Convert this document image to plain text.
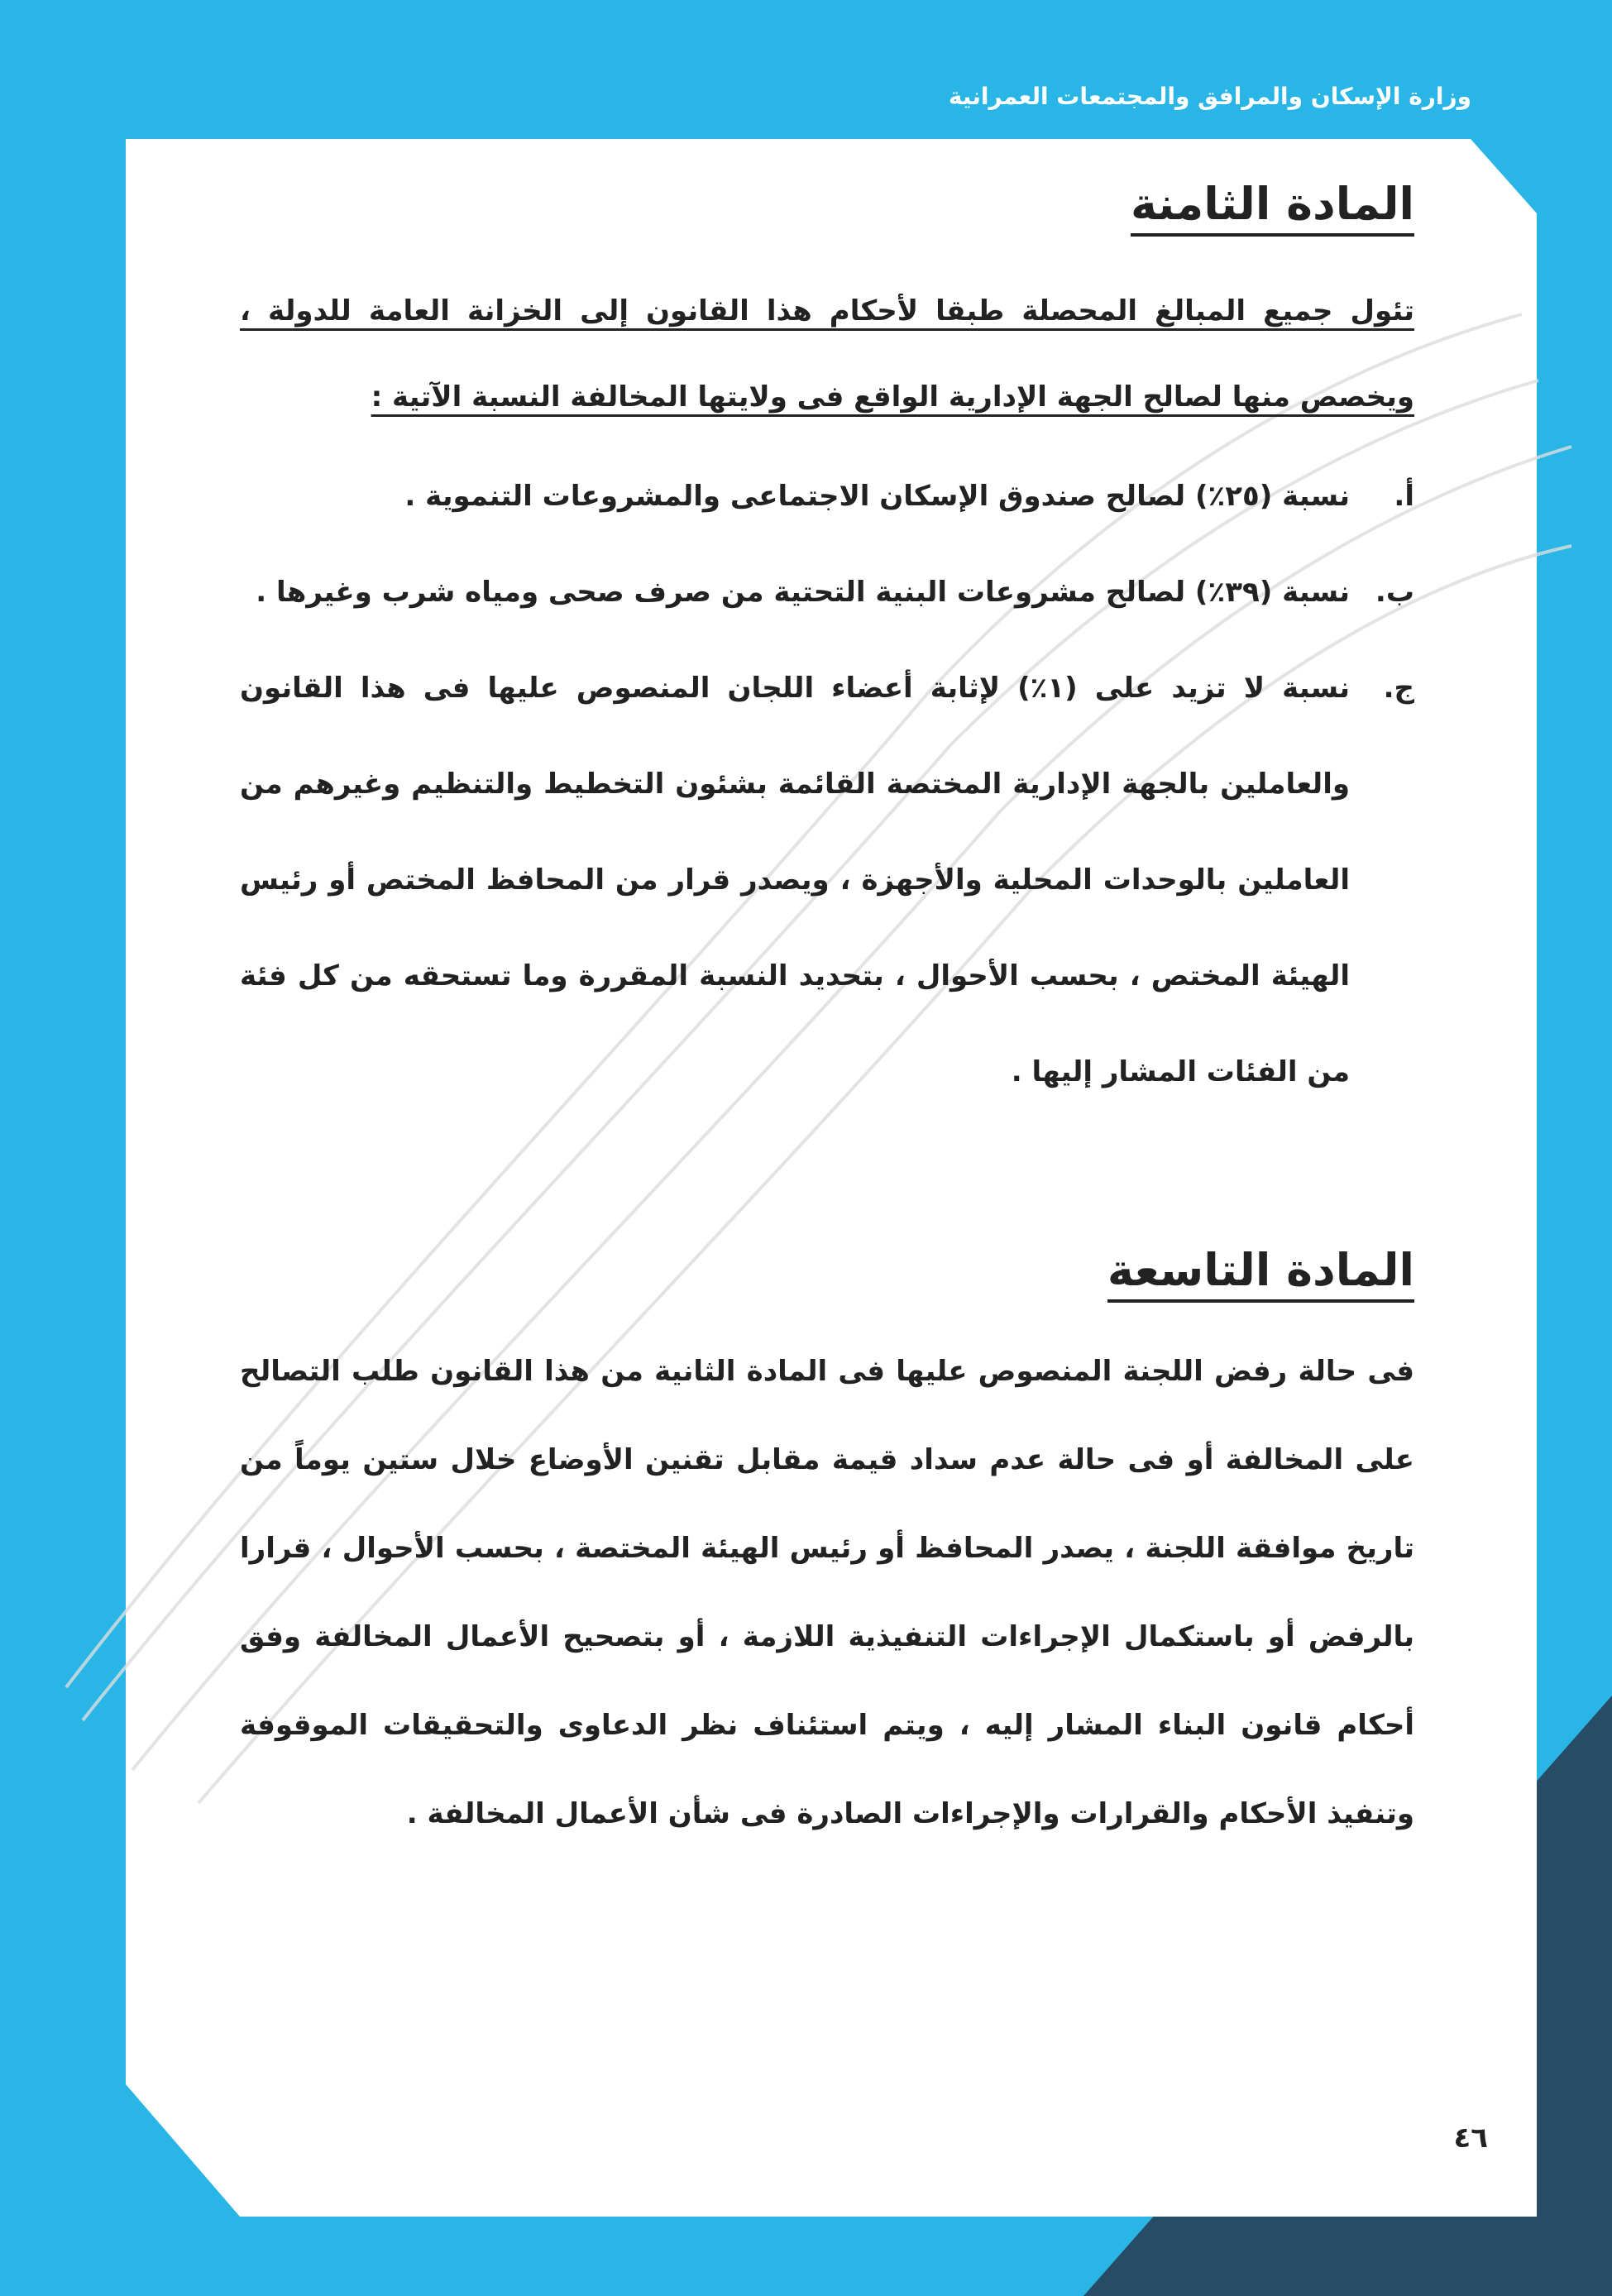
وزارة الإسكان والمرافق والمجتمعات العمرانية
المادة الثامنة

تئول جميع المبالغ المحصلة طبقا لأحكام هذا القانون إلى الخزانة العامة للدولة ، ويخصص منها لصالح الجهة الإدارية الواقع فى ولايتها المخالفة النسبة الآتية :

أ.
نسبة (٢٥٪) لصالح صندوق الإسكان الاجتماعى والمشروعات التنموية .
ب.
نسبة (٣٩٪) لصالح مشروعات البنية التحتية من صرف صحى ومياه شرب وغيرها .
ج.
نسبة لا تزيد على (١٪) لإثابة أعضاء اللجان المنصوص عليها فى هذا القانون والعاملين بالجهة الإدارية المختصة القائمة بشئون التخطيط والتنظيم وغيرهم من العاملين بالوحدات المحلية والأجهزة ، ويصدر قرار من المحافظ المختص أو رئيس الهيئة المختص ، بحسب الأحوال ، بتحديد النسبة المقررة وما تستحقه من كل فئة من الفئات المشار إليها .
المادة التاسعة

فى حالة رفض اللجنة المنصوص عليها فى المادة الثانية من هذا القانون طلب التصالح على المخالفة أو فى حالة عدم سداد قيمة مقابل تقنين الأوضاع خلال ستين يوماً من تاريخ موافقة اللجنة ، يصدر المحافظ أو رئيس الهيئة المختصة ، بحسب الأحوال ، قرارا بالرفض أو باستكمال الإجراءات التنفيذية اللازمة ، أو بتصحيح الأعمال المخالفة وفق أحكام قانون البناء المشار إليه ، ويتم استئناف نظر الدعاوى والتحقيقات الموقوفة وتنفيذ الأحكام والقرارات والإجراءات الصادرة فى شأن الأعمال المخالفة .

٤٦
